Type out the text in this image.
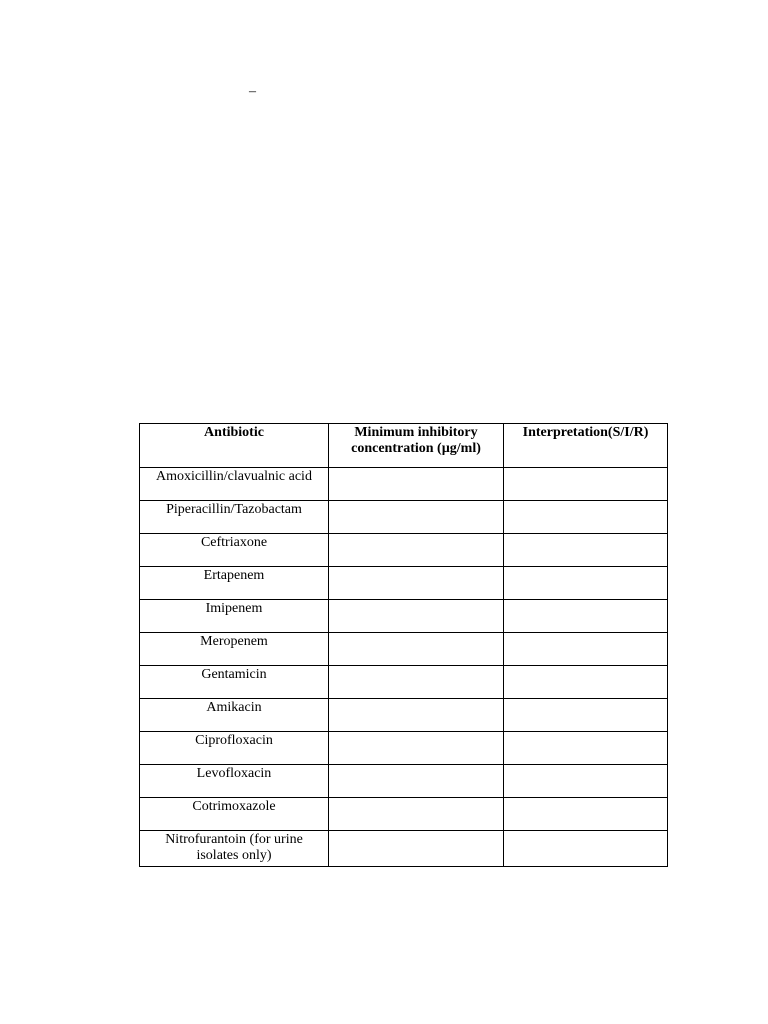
–
Antibiotic	Minimum inhibitory concentration (µg/ml)	Interpretation(S/I/R)
Amoxicillin/clavualnic acid		
Piperacillin/Tazobactam		
Ceftriaxone		
Ertapenem		
Imipenem		
Meropenem		
Gentamicin		
Amikacin		
Ciprofloxacin		
Levofloxacin		
Cotrimoxazole		
Nitrofurantoin (for urine isolates only)		
